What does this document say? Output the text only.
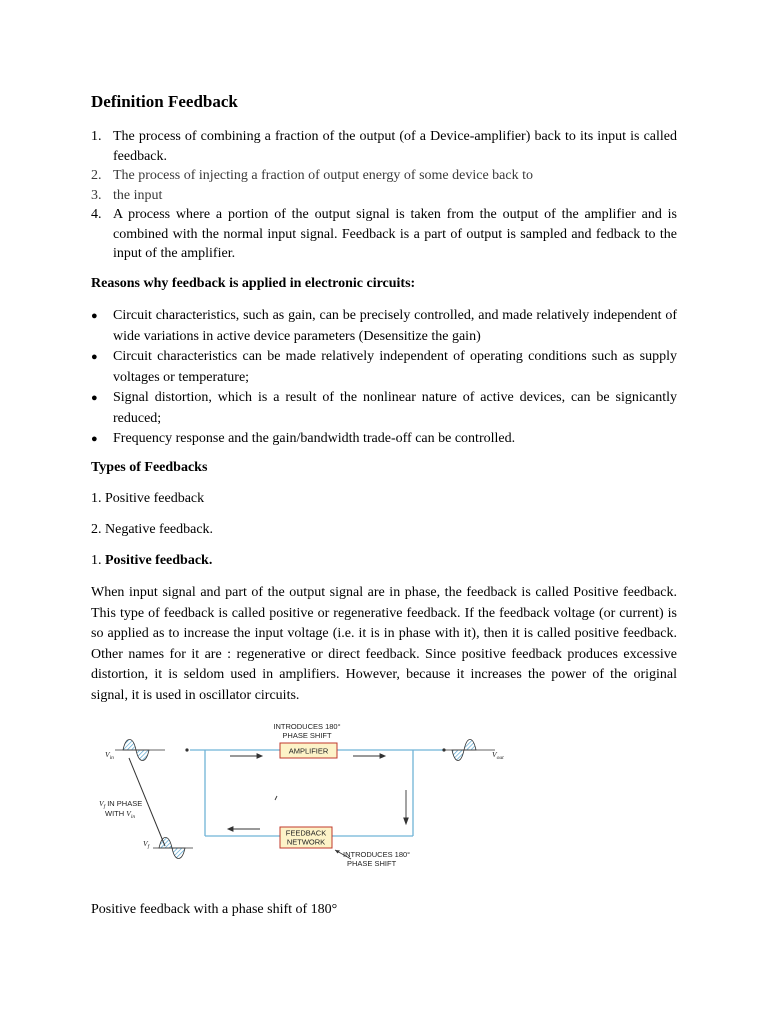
Definition Feedback
1. The process of combining a fraction of the output (of a Device-amplifier) back to its input is called feedback.
2. The process of injecting a fraction of output energy of some device back to
3. the input
4. A process where a portion of the output signal is taken from the output of the amplifier and is combined with the normal input signal. Feedback is a part of output is sampled and fedback to the input of the amplifier.
Reasons why feedback is applied in electronic circuits:
● Circuit characteristics, such as gain, can be precisely controlled, and made relatively independent of wide variations in active device parameters (Desensitize the gain)
● Circuit characteristics can be made relatively independent of operating conditions such as supply voltages or temperature;
● Signal distortion, which is a result of the nonlinear nature of active devices, can be signicantly reduced;
● Frequency response and the gain/bandwidth trade-off can be controlled.
Types of Feedbacks
1. Positive feedback
2. Negative feedback.
1. Positive feedback.
When input signal and part of the output signal are in phase, the feedback is called Positive feedback. This type of feedback is called positive or regenerative feedback. If the feedback voltage (or current) is so applied as to increase the input voltage (i.e. it is in phase with it), then it is called positive feedback. Other names for it are : regenerative or direct feedback. Since positive feedback produces excessive distortion, it is seldom used in amplifiers. However, because it increases the power of the original signal, it is used in oscillator circuits.
AMPLIFIER
INTRODUCES 180°
PHASE SHIFT
FEEDBACK
NETWORK
INTRODUCES 180°
PHASE SHIFT
$V_{in}$	$V_{out}$
$V_f$
$V_f$ IN PHASE
WITH $V_{in}$
Positive feedback with a phase shift of 180°
